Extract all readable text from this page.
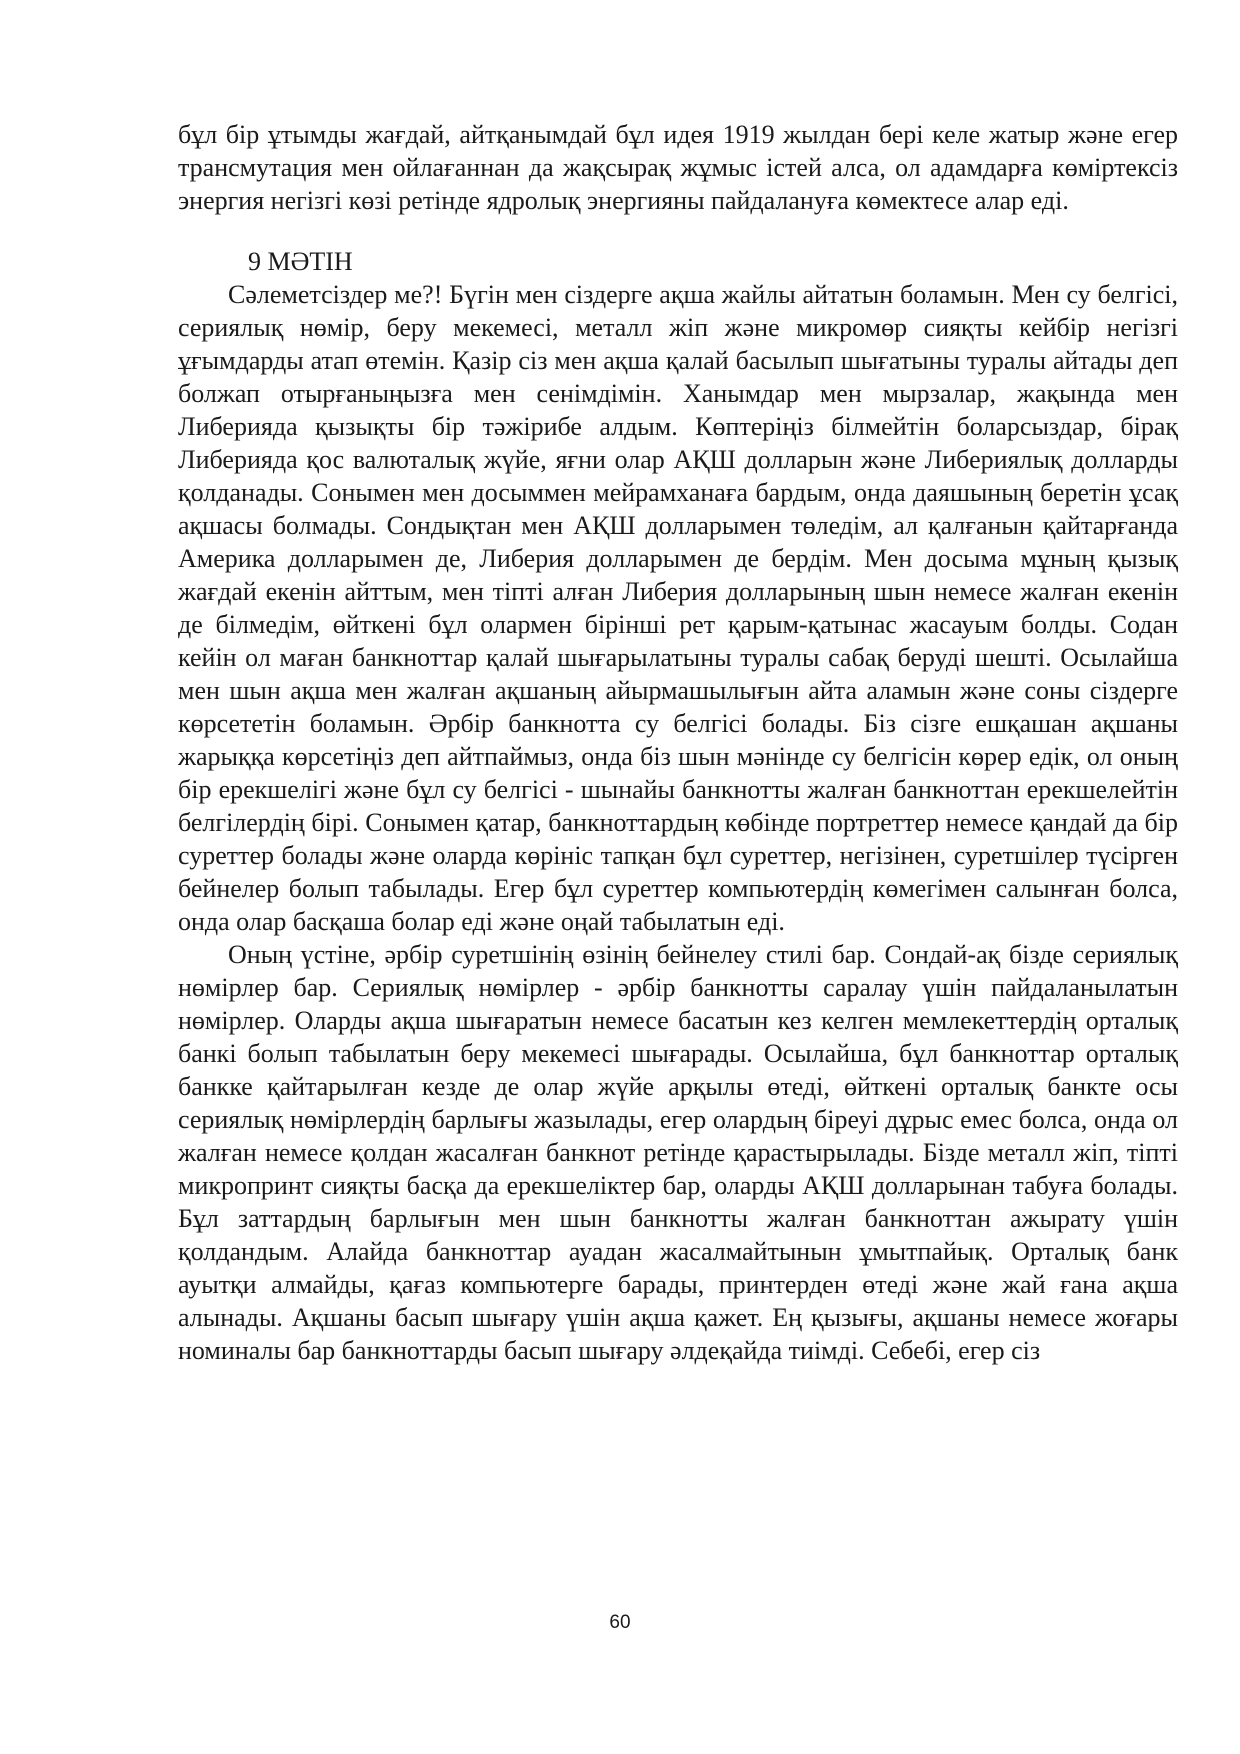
бұл бір ұтымды жағдай, айтқанымдай бұл идея 1919 жылдан бері келе жатыр және егер трансмутация мен ойлағаннан да жақсырақ жұмыс істей алса, ол адамдарға көміртексіз энергия негізгі көзі ретінде ядролық энергияны пайдалануға көмектесе алар еді.

9 МӘТІН

Сәлеметсіздер ме?! Бүгін мен сіздерге ақша жайлы айтатын боламын. Мен су белгісі, сериялық нөмір, беру мекемесі, металл жіп және микромөр сияқты кейбір негізгі ұғымдарды атап өтемін. Қазір сіз мен ақша қалай басылып шығатыны туралы айтады деп болжап отырғаныңызға мен сенімдімін. Ханымдар мен мырзалар, жақында мен Либерияда қызықты бір тәжірибе алдым. Көптеріңіз білмейтін боларсыздар, бірақ Либерияда қос валюталық жүйе, яғни олар АҚШ долларын және Либериялық долларды қолданады. Сонымен мен досыммен мейрамханаға бардым, онда даяшының беретін ұсақ ақшасы болмады. Сондықтан мен АҚШ долларымен төледім, ал қалғанын қайтарғанда Америка долларымен де, Либерия долларымен де бердім. Мен досыма мұның қызық жағдай екенін айттым, мен тіпті алған Либерия долларының шын немесе жалған екенін де білмедім, өйткені бұл олармен бірінші рет қарым-қатынас жасауым болды. Содан кейін ол маған банкноттар қалай шығарылатыны туралы сабақ беруді шешті. Осылайша мен шын ақша мен жалған ақшаның айырмашылығын айта аламын және соны сіздерге көрсететін боламын. Әрбір банкнотта су белгісі болады. Біз сізге ешқашан ақшаны жарыққа көрсетіңіз деп айтпаймыз, онда біз шын мәнінде су белгісін көрер едік, ол оның бір ерекшелігі және бұл су белгісі - шынайы банкнотты жалған банкноттан ерекшелейтін белгілердің бірі. Сонымен қатар, банкноттардың көбінде портреттер немесе қандай да бір суреттер болады және оларда көрініс тапқан бұл суреттер, негізінен, суретшілер түсірген бейнелер болып табылады. Егер бұл суреттер компьютердің көмегімен салынған болса, онда олар басқаша болар еді және оңай табылатын еді.

Оның үстіне, әрбір суретшінің өзінің бейнелеу стилі бар. Сондай-ақ бізде сериялық нөмірлер бар. Сериялық нөмірлер - әрбір банкнотты саралау үшін пайдаланылатын нөмірлер. Оларды ақша шығаратын немесе басатын кез келген мемлекеттердің орталық банкі болып табылатын беру мекемесі шығарады. Осылайша, бұл банкноттар орталық банкке қайтарылған кезде де олар жүйе арқылы өтеді, өйткені орталық банкте осы сериялық нөмірлердің барлығы жазылады, егер олардың біреуі дұрыс емес болса, онда ол жалған немесе қолдан жасалған банкнот ретінде қарастырылады. Бізде металл жіп, тіпті микропринт сияқты басқа да ерекшеліктер бар, оларды АҚШ долларынан табуға болады. Бұл заттардың барлығын мен шын банкнотты жалған банкноттан ажырату үшін қолдандым. Алайда банкноттар ауадан жасалмайтынын ұмытпайық. Орталық банк ауытқи алмайды, қағаз компьютерге барады, принтерден өтеді және жай ғана ақша алынады. Ақшаны басып шығару үшін ақша қажет. Ең қызығы, ақшаны немесе жоғары номиналы бар банкноттарды басып шығару әлдеқайда тиімді. Себебі, егер сіз

60
